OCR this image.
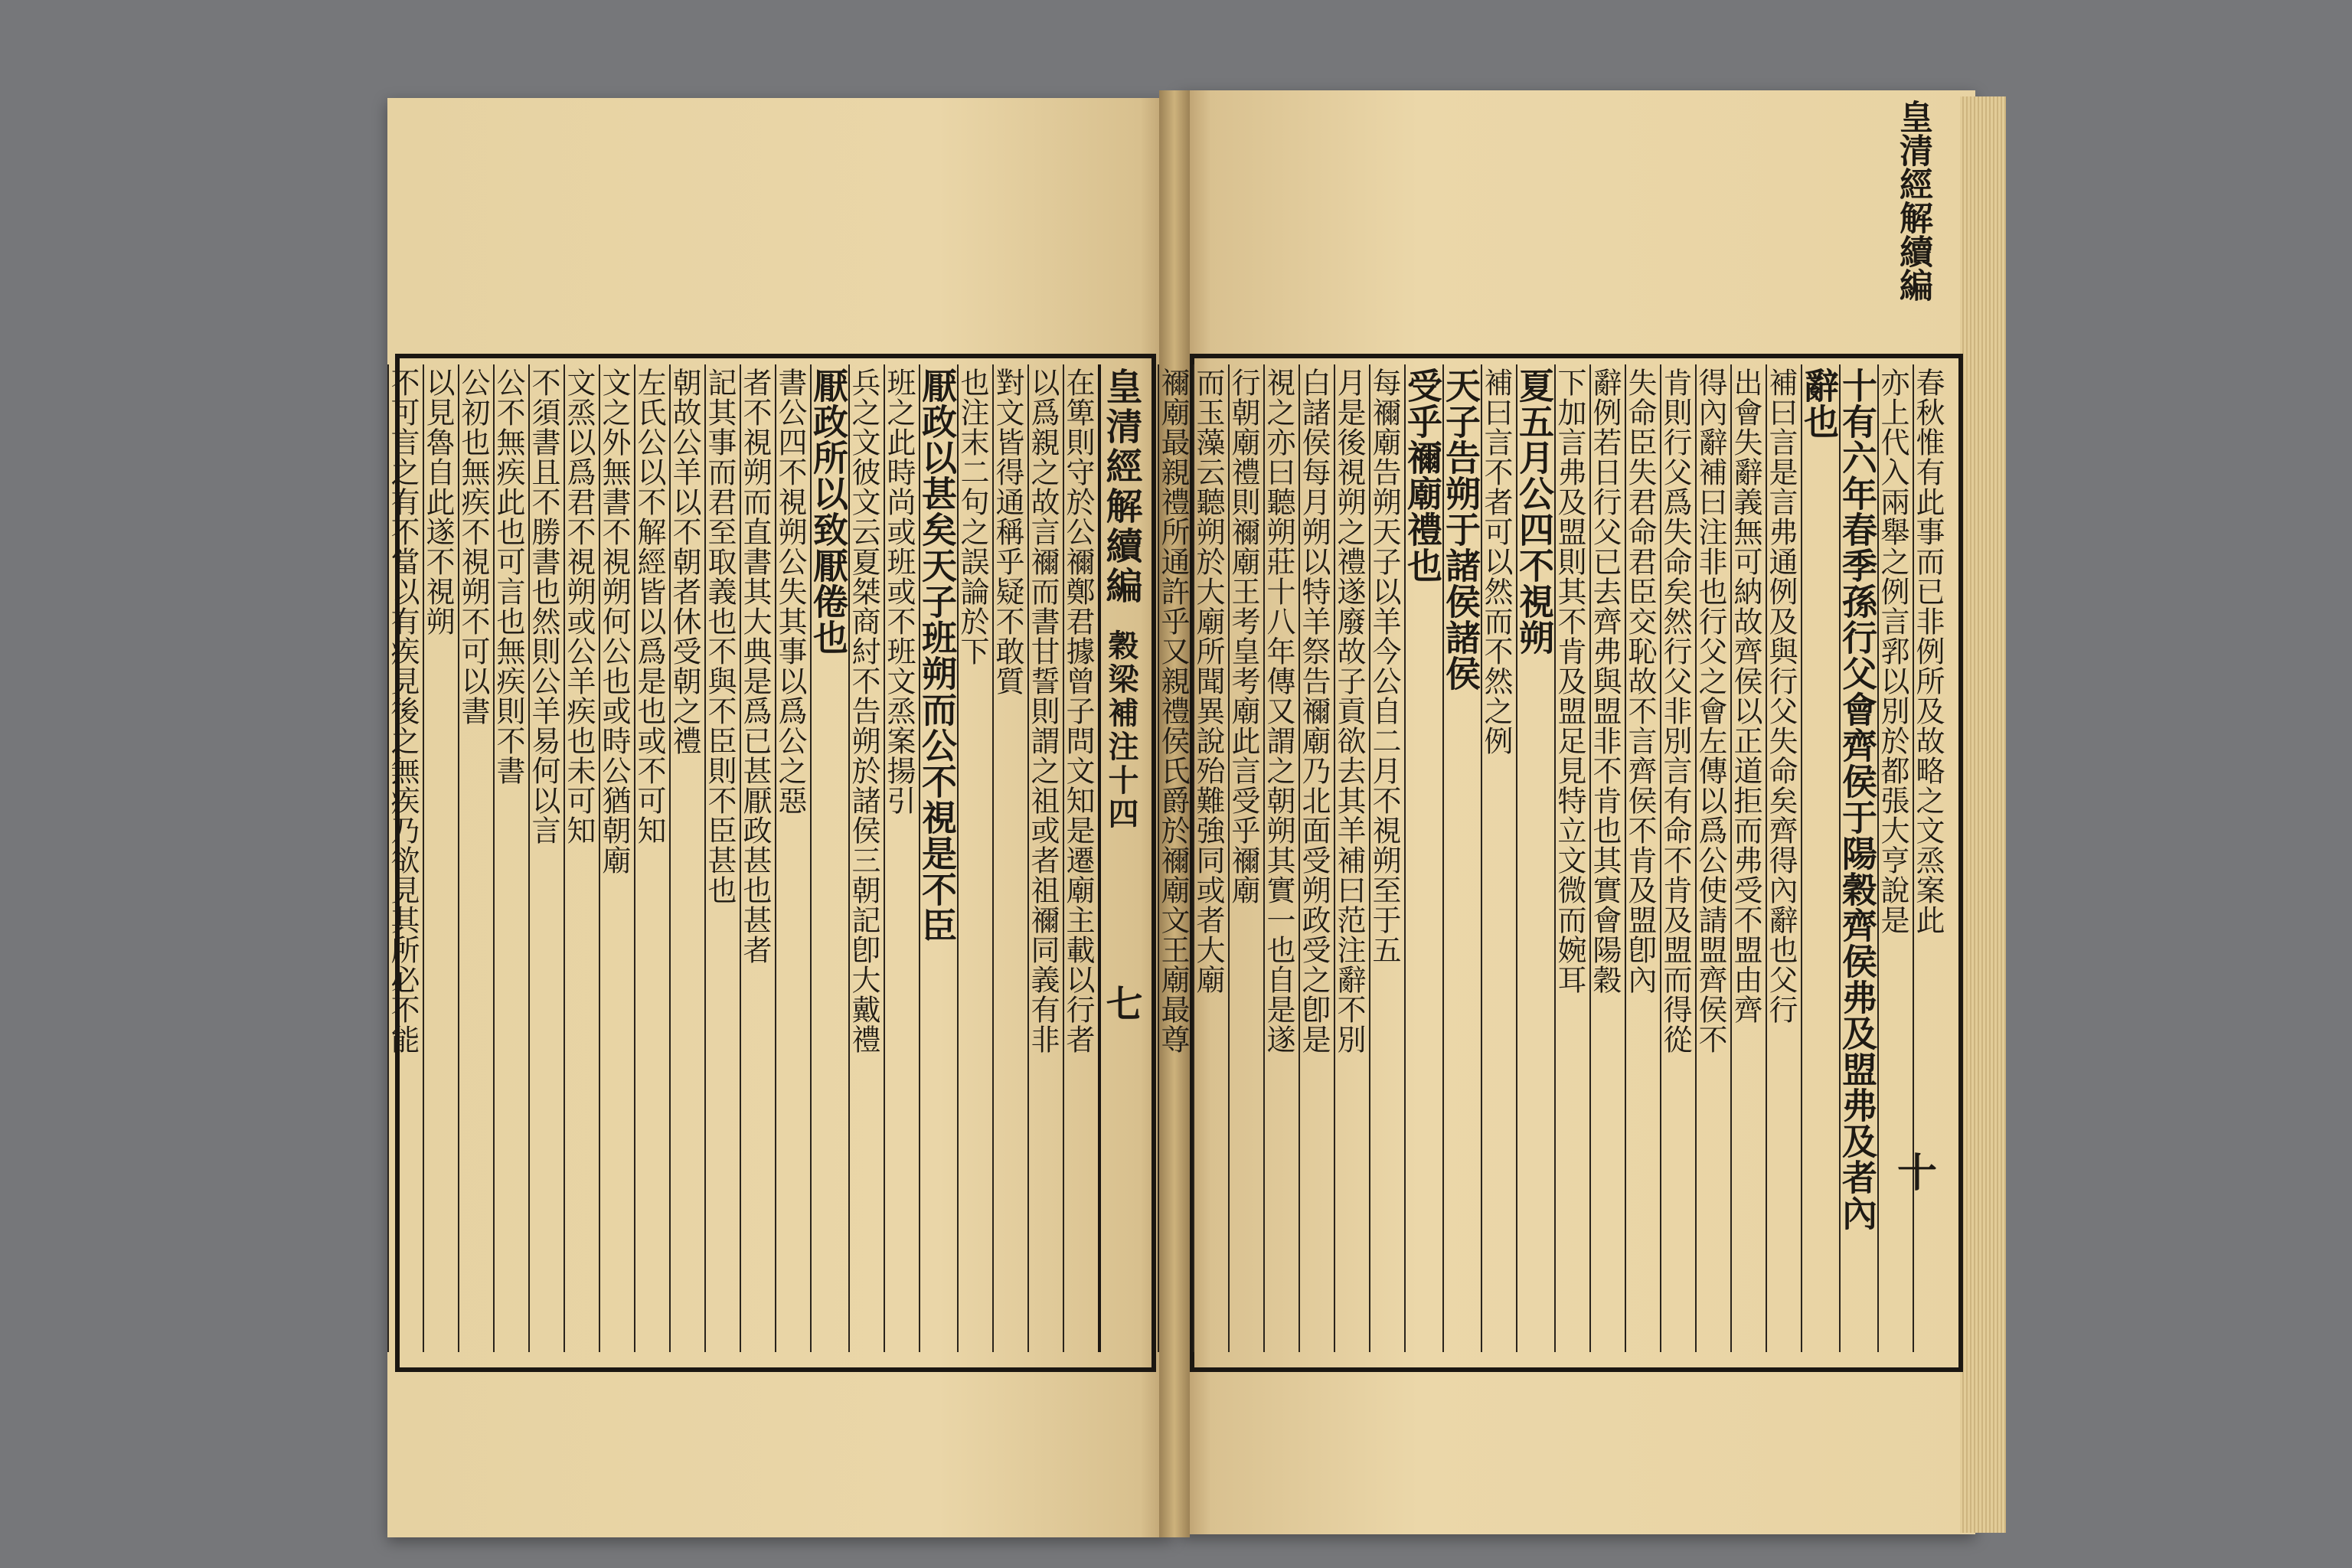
皇清經解續編
皇清經解續編穀梁補注十四七
在箄則守於公禰鄭君據曾子問文知是遷廟主載以行者
以爲親之故言禰而書甘誓則謂之祖或者祖禰同義有非
對文皆得通稱乎疑不敢質
也注末二句之誤論於下
厭政以甚矣天子班朔而公不視是不臣
班之此時尚或班或不班文烝案揚引
兵之文彼文云夏桀商紂不告朔於諸侯三朝記卽大戴禮
厭政所以致厭倦也
書公四不視朔公失其事以爲公之惡
者不視朔而直書其大典是爲已甚厭政甚也甚者
記其事而君至取義也不與不臣則不臣甚也
朝故公羊以不朝者休受朝之禮
左氏公以不解經皆以爲是也或不可知
文之外無書不視朔何公也或時公猶朝廟
文烝以爲君不視朔或公羊疾也未可知
不須書且不勝書也然則公羊易何以言
公不無疾此也可言也無疾則不書
公初也無疾不視朔不可以書
以見魯自此遂不視朔
不可言之有不當以有疾見後之無疾乃欲見其所必不能	春秋惟有此事而已非例所及故略之文烝案此
亦上代入兩舉之例言郛以別於都張大亨說是
十有六年春季孫行父會齊侯于陽穀齊侯弗及盟弗及者內
辭也
補曰言是言弗通例及與行父失命矣齊得內辭也父行
出會失辭義無可納故齊侯以正道拒而弗受不盟由齊
得內辭補曰注非也行父之會左傳以爲公使請盟齊侯不
肯則行父爲失命矣然行父非別言有命不肯及盟而得從
失命臣失君命君臣交恥故不言齊侯不肯及盟卽內
辭例若日行父已去齊弗與盟非不肯也其實會陽穀
下加言弗及盟則其不肯及盟足見特立文微而婉耳
夏五月公四不視朔
補曰言不者可以然而不然之例
天子告朔于諸侯諸侯
受乎禰廟禮也
每禰廟告朔天子以羊今公自二月不視朔至于五
月是後視朔之禮遂廢故子貢欲去其羊補曰范注辭不別
白諸侯每月朔以特羊祭告禰廟乃北面受朔政受之卽是
視之亦曰聽朔莊十八年傳又謂之朝朔其實一也自是遂
行朝廟禮則禰廟王考皇考廟此言受乎禰廟
而玉藻云聽朔於大廟所聞異說殆難強同或者大廟
禰廟最親禮所通許乎又親禮侯氏爵於禰廟文王廟最尊
十
